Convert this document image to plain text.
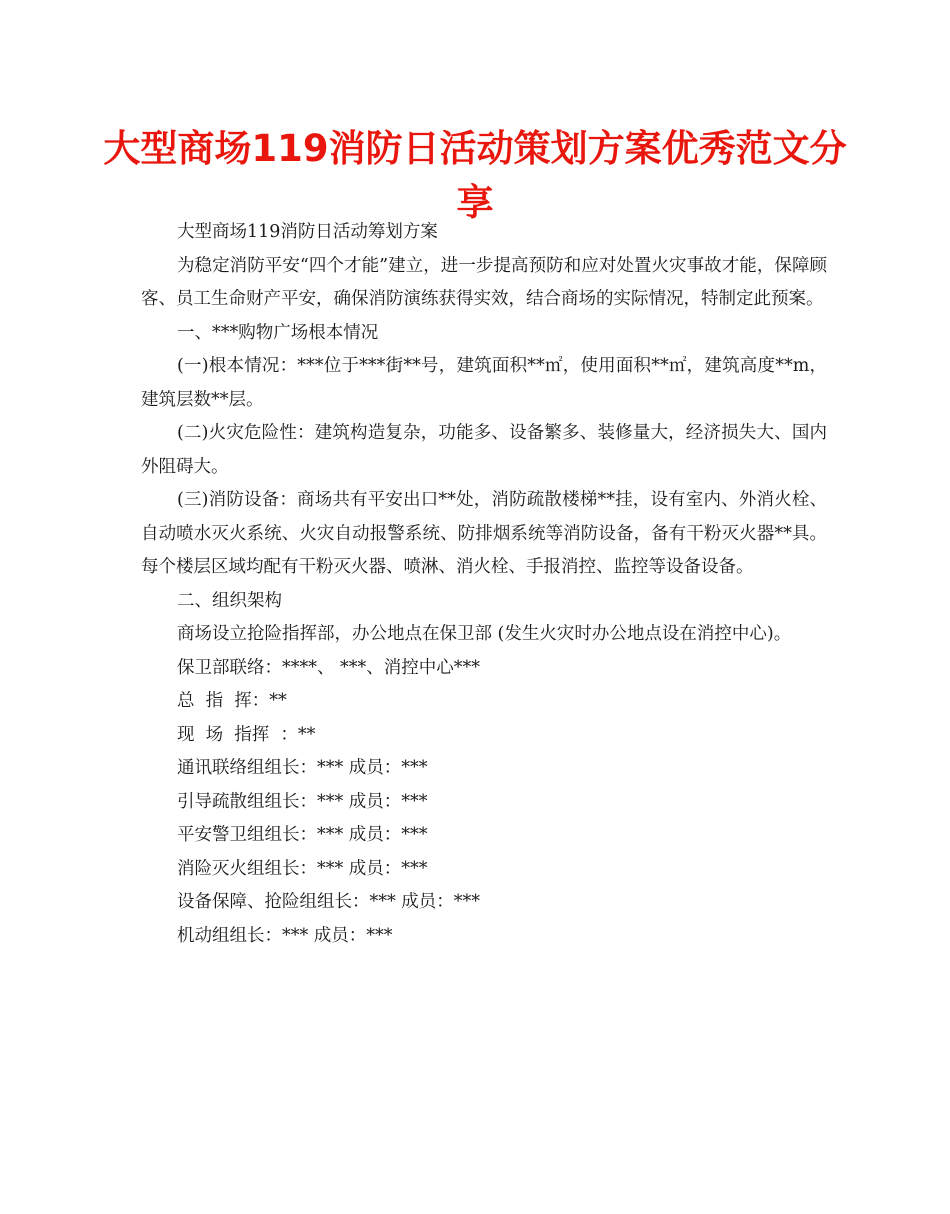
大型商场119消防日活动策划方案优秀范文分享

大型商场119消防日活动筹划方案

为稳定消防平安“四个才能”建立，进一步提高预防和应对处置火灾事故才能，保障顾客、员工生命财产平安，确保消防演练获得实效，结合商场的实际情况，特制定此预案。

一、***购物广场根本情况

(一)根本情况：***位于***街**号，建筑面积**㎡，使用面积**㎡，建筑高度**m，建筑层数**层。

(二)火灾危险性：建筑构造复杂，功能多、设备繁多、装修量大，经济损失大、国内外阻碍大。

(三)消防设备：商场共有平安出口**处，消防疏散楼梯**挂，设有室内、外消火栓、自动喷水灭火系统、火灾自动报警系统、防排烟系统等消防设备，备有干粉灭火器**具。每个楼层区域均配有干粉灭火器、喷淋、消火栓、手报消控、监控等设备设备。

二、组织架构

商场设立抢险指挥部，办公地点在保卫部 (发生火灾时办公地点设在消控中心)。

保卫部联络：****、 ***、消控中心***

总  指  挥：**

现  场  指挥  ：**

通讯联络组组长：*** 成员：***

引导疏散组组长：*** 成员：***

平安警卫组组长：*** 成员：***

消险灭火组组长：*** 成员：***

设备保障、抢险组组长：*** 成员：***

机动组组长：*** 成员：***
